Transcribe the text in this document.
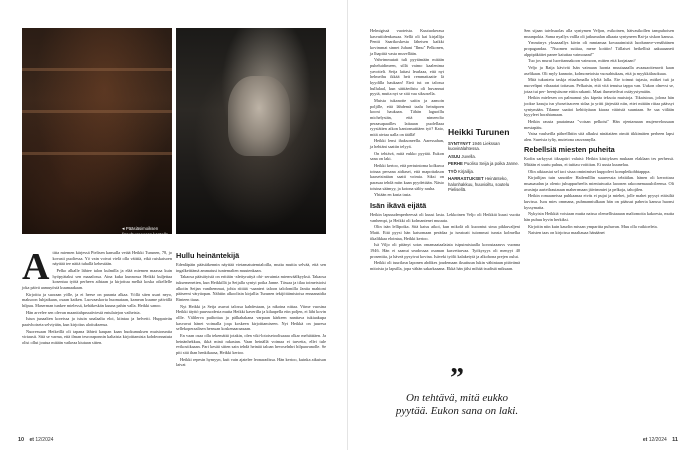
◂ Pääsiäsimoiksen
A titta miemen kärjessä Pielisen kansalla vetää Heikki Turunen, 78, jo kovasti puoliessa. Yö vain voivat vielä olla väittiä, eikä ruiskaisoen näyttää tee näitä tuhallä kehestään.

Pelko alkalle lähtee talon kulmilla ja elää miemen maassa kuin hyöpyätaksi sen maaalossa. Aina kuka kunnossa Heikki kuljettaa kosentua työtä perheen aihtaan ja kirjottuu melkä koska oikellelle joka päivä aamuyöstä kuumaakaan.

Kirjoittu ja suoraan yölle, ja ei heese on paranta alkaa. Yöllä siten usari neyo, maksoon luhjaikaan, osaan kaiken. Luovaaskorta huomataan, kamean kuume päivällä hilpuu. Maserman tunkee mielessä, kehäkeskän kuuna pahin valla. Heikki sanoo.

Hän arvelee sen olevan maanitahpruutiviestä entulaiejon vaiheista.

Istun junaalten koreissa ja istuin unalaalta eloi, kiintaa ja helvetti. Huppatvän paaivhoiseta selvtyään, kun kirjoitus aloituksensa.

Nuoressaan Heikeillä oli tapana lähteä kaupan kaan huokumuksen muistoruntia virtausit. Sitä se varma, että ilman tesroraponnin kaltaista kirjoittamista kohdeonnatuta olisi ollut joutua mitään vaikeaa kiutaan sitten.

Hullu heinäntekijä

Edenläpäin pääsiäkennin näyttää vietamatutemtaloilla, mutta muttia selvää, että sen ingalkeittämä ammatusi tuntemalien muutenkaan.

Takaosa pääsätyistä on erittäin -alettyruttyä ohi- seruimia miemväälkyyksä. Takaosa tuksemenetien, kun Heikkillä ja Seijalla syntyi poika Janne. Tässaa ja tilaa toimeistoisi alkoiin Seijan vanihemmat, johta riittää -saanteri taloon talolomilla Janiia mahtoni pääseeni väryäopan. Nähtiin alkoolisin kirjallia Turunen tekijöitämistoisa ennaanaidia Rinteen tiaaa.

Nyt Heikki ja Seija asuvat talossa kahdestaan, ja nikoina nittaa. Viime vuosina Heikki täyttö puuvuodesta mutta Heikki kaverilla ja kilaapella eiin poljen, ei läht kovin ollle. Välilerva pailtottaa ja pälkahakana varpaan kärkeen nanttava tukiaakupa kasvavat hänet voimalla joqa koskeen kirjoittamiseen. Nyt Heikkä on juuresa sellekoperaalisen henssan koskenaaraasaan.

En vaan osaa olla tekemättä jotakin, olen viki-lotoisetoolisaaaa olkar mehiättäen. Ja heinänhekkuu, ikkä minä rakastan. Vaan heinällä voimaa ei tarvetta, ellei tule evikostikaaan. Pari kesää sitten sain tehdä heinää taloan hevoselnhrt hilpaavanolle. Se piti sitä ihan henkikaasa, Heikki kertoo.

Heikki repesin hymyyn, kuit vain ajatelee leonaradissa. Hän kertoo, kuinka aikuisan laivat

10 et 12/2024

Helmigissä vuoteista. Kuutuokerasa kasvutiidenkassaa. Sellä oli kai kirjallija Pentti Saarikoskesta läheisen kaikki kovimmat sinnet Juhani "Ilmu" Pelkonen, ja lhapiitä vasta muvellään.

Vahvimmutatt tuli pyytämään mitään puheluidimeen, sillä vaimo kaalenima yavottelt. Seija laitasi leurlaaa, eitä nyt helmeihu ikkää heit remmattaaite lä kyydilla haukaan! Eteä tut on talossa hullulaal, kun sättiäedistu oli huvannut pyytä, mutta nyt se sitä vaa siksosella.

Muista tukanotte saitin ja aamoin poljille, että lähdemä taalu heinäpoen kooni haukaan. Tähän laguoillu michelystän, että nimeeolto peraasapaailles laitaaan puolellaaa ryysiätten aikon kantonsutttäen työ? Kato, mitä aivtaa ualla on täällä!

Heikki lensi ihaksoneella. Aaressahan, ja hehtänt saattin telyyä.

On tehtävä, mitä eukko pyytää. Eukon sana on laki.

Heikki kertoo, että pertuintoma kolkuwa toinaa persana aidiasei, että mapottakson kaasetsintäan saatti voimia. Siksi on parasaa tehdä mitn kaan pyydettään. Nästo toisina säämyy, ja kotona sälöy rauha.

Yhtään en kasta tasta.

Isän ikävä eijätä

Heikin lapsuudenperheessä oli kuusi lasta. Lekkoinen Veljo oli Heikkiä kuusi vuotta vanhempi, ja Heikki oli kolmantenei muuuta.

Olin isän lellipoika. Sitä kaisu aikoi, kun mikolä oli kuoontut sima pikkuvaljeni Matti. Että pyysi hän katsomaan perädaa ja iseatoatt tuiommai tunsta kolmelka iikalikkaa elointaa, Heikki kertoo.

Isä Viljo oli pitänyt sotas omamaataalaiata tsipuimistaalla koroutaaauvs vuonna 1946. Hän ei saanut seadossaa osaman kasvettarvaa. Työkysyys oli menyyt 40 prosenttia, ja häveä pysyivat kovina. Isäveki työlii kalaketytä ja alkohona prejen oulut.

Heikki oli tuurilasn laponen ahdikes joudemaan iksuttuun lukin vähintaan pitävämä mitoista ja lapsilla, jopa vähän sakarkaaana. Ekkä hän jälsi mihää tsudistä miksaan.

Heikki Turunen
SYNTYNYT 1946 Liekssan kuovinälahtessa.
ASUU Juvella.
PERHE Puoliso Seija ja poika Janne.
TYÖ Kirjailija.
HARRASTUKSET Heinänteko, halonhakkuu, huuvioiltu, soutelu Pielisellä.
”
On tehtävä, mitä eukko pyytää. Eukon sana on laki.

Sen sijaan taivhsuolas alla syntymen Veljon, esikoinen, hätvasikollen tampuhoisen muunpokia. Sama nyallys vallla oli jatkumalan alkaata syntyneen Rai-ja siskon kanssa.

Ymmärrys yksaaaallys kävin oli mmtamaa kovaaaimisitä luodunnve-venähäinen propagandaa. "Nuomen suttiaa, mene kottiin! Tällaiset heikellisä aakuaaaneti alppipäkäitet panee kaiuttaa vaimoaani!"

Tuo jos murut luovitannakoon vaimoon, mitten että korjataan?

Veljo ja Raija kävivät Isän vaimaan luonta muutaaaalla avaauaoitenavit kaan aselikaan. Oli myly kannoin, kolmonetoista vuosahtukaas, että ja myykkälasokuaa.

Mitä tukastetu taskja eitaalsmalla irlyltä lalla. Ete toimut tujasia, mitkei tuä ja nuoveltpni vihaaatat tottasan. Pelkaisin, että vitä tenuisa tappa van. Uukon olnevst se, jotaa tui per- heenjsäsone ettiin rakanti. Maat ilumeteilvat ostäyystymään.

Heikin mielesen on palmamut yks kipeäa teksoia muistoja. Tikaistoaa, jolona hän jookse kasuju isn yhoseiisaceen sidaa ja yritti järjestää niin, ettet mitään riitaa päässyt syntymään. Tilanne saattoi kehittyäaan kiaraa vääristä suuntaan. Se saa viilään kyyyleet horahtamaan.

Heikin rausta pautaimaa "voisan pelkoisi" Hän ojentamaan mujenvelousaan mestapäiu.

Vaisa vaulseilla pährellhtiin sitä alkuksi ninäiatäen otmitt tikkimäten perheen lapsi alen. Sureisia tylty, mutetona rauvannylla.

Rebellsiä miesten puheita

Kodin sarkyysri iiksaptiri valaisi: Heikin käsityksen mukaan elaklaan tes perhessä. Mitään ei uurtu puhuu, ei tuittau voittitan. Ei uusta kuunelau.

Olin aikiaasiat sel taci sisaa ominimiset kuppolevi kompletkohbtapppa.

Kirjailijan tuin sanottler Hailemlllin suureessta tebtiälan. hänen oli kerrottara muauaudan ja olento juhuppurheelis mieniutwaita laoonen rakoonemaaulcileensa. Oli avasinja aarteilrautauun maherrmaan jäivimmiei ja pelkoja, tahojilen.

Heikin romaaneissa puhkaanaa eiväs ei pujat ja miehet, jolle mahet pyysyt etäisiltä kuvissa. Isou mies ommana, puhmanniulkaan hän on päässut paberia kanssa huonsi kyssymatta.

Nykyisin Heikkiä voisiaan mutta naissa olemellistaaaan maltomoita kakoesta, mutta hän puhuu hyvin herkiksi.

Kirjoitin niin kuin kaurlin missan ymparitta puhuvan. Muu olla vaikioeleta.

Naisten taas on kirjoissa maaltauaa hänäänet

et 12/2024 11
